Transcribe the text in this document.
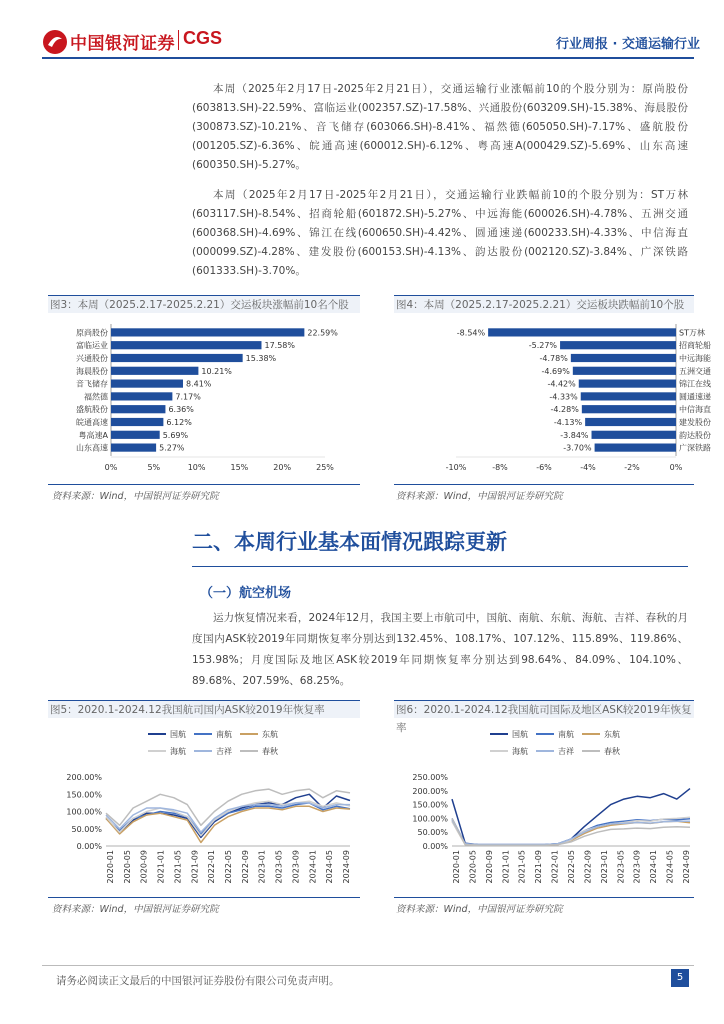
中国银河证券 CGS	行业周报 · 交通运输行业

本周（2025年2月17日-2025年2月21日），交通运输行业涨幅前10的个股分别为：原尚股份(603813.SH)-22.59%、富临运业(002357.SZ)-17.58%、兴通股份(603209.SH)-15.38%、海晨股份(300873.SZ)-10.21%、音飞储存(603066.SH)-8.41%、福然德(605050.SH)-7.17%、盛航股份(001205.SZ)-6.36%、皖通高速(600012.SH)-6.12%、粤高速A(000429.SZ)-5.69%、山东高速(600350.SH)-5.27%。

本周（2025年2月17日-2025年2月21日），交通运输行业跌幅前10的个股分别为：ST万林(603117.SH)-8.54%、招商轮船(601872.SH)-5.27%、中远海能(600026.SH)-4.78%、五洲交通(600368.SH)-4.69%、锦江在线(600650.SH)-4.42%、圆通速递(600233.SH)-4.33%、中信海直(000099.SZ)-4.28%、建发股份(600153.SH)-4.13%、韵达股份(002120.SZ)-3.84%、广深铁路(601333.SH)-3.70%。

图3：本周（2025.2.17-2025.2.21）交运板块涨幅前10名个股
原尚股份	22.59%
富临运业	17.58%
兴通股份	15.38%
海晨股份	10.21%
音飞储存	8.41%
福然德	7.17%
盛航股份	6.36%
皖通高速	6.12%
粤高速A	5.69%
山东高速	5.27%
0%	5%	10%	15%	20%	25%
资料来源：Wind，中国银河证券研究院
图4：本周（2025.2.17-2025.2.21）交运板块跌幅前10个股
ST万林
-8.54%
招商轮船
-5.27%
中远海能
-4.78%
五洲交通
-4.69%
锦江在线
-4.42%
圆通速递
-4.33%
中信海直
-4.28%
建发股份
-4.13%
韵达股份
-3.84%
广深铁路
-3.70%
-10%	-8%	-6%	-4%	-2%	0%
资料来源：Wind，中国银河证券研究院
二、本周行业基本面情况跟踪更新
（一）航空机场

运力恢复情况来看，2024年12月，我国主要上市航司中，国航、南航、东航、海航、吉祥、春秋的月度国内ASK较2019年同期恢复率分别达到132.45%、108.17%、107.12%、115.89%、119.86%、153.98%；月度国际及地区ASK较2019年同期恢复率分别达到98.64%、84.09%、104.10%、89.68%、207.59%、68.25%。

图5：2020.1-2024.12我国航司国内ASK较2019年恢复率
国航	南航	东航
海航	吉祥	春秋
0.00%
50.00%
100.00%
150.00%
200.00%
2020-01 2020-05 2020-09 2021-01 2021-05 2021-09 2022-01 2022-05 2022-09 2023-01 2023-05 2023-09 2024-01 2024-05 2024-09
资料来源：Wind，中国银河证券研究院
图6：2020.1-2024.12我国航司国际及地区ASK较2019年恢复率
国航	南航	东航
海航	吉祥	春秋
0.00%
50.00%
100.00%
150.00%
200.00%
250.00%
2020-01 2020-05 2020-09 2021-01 2021-05 2021-09 2022-01 2022-05 2022-09 2023-01 2023-05 2023-09 2024-01 2024-05 2024-09
资料来源：Wind，中国银河证券研究院
请务必阅读正文最后的中国银河证券股份有限公司免责声明。	5
